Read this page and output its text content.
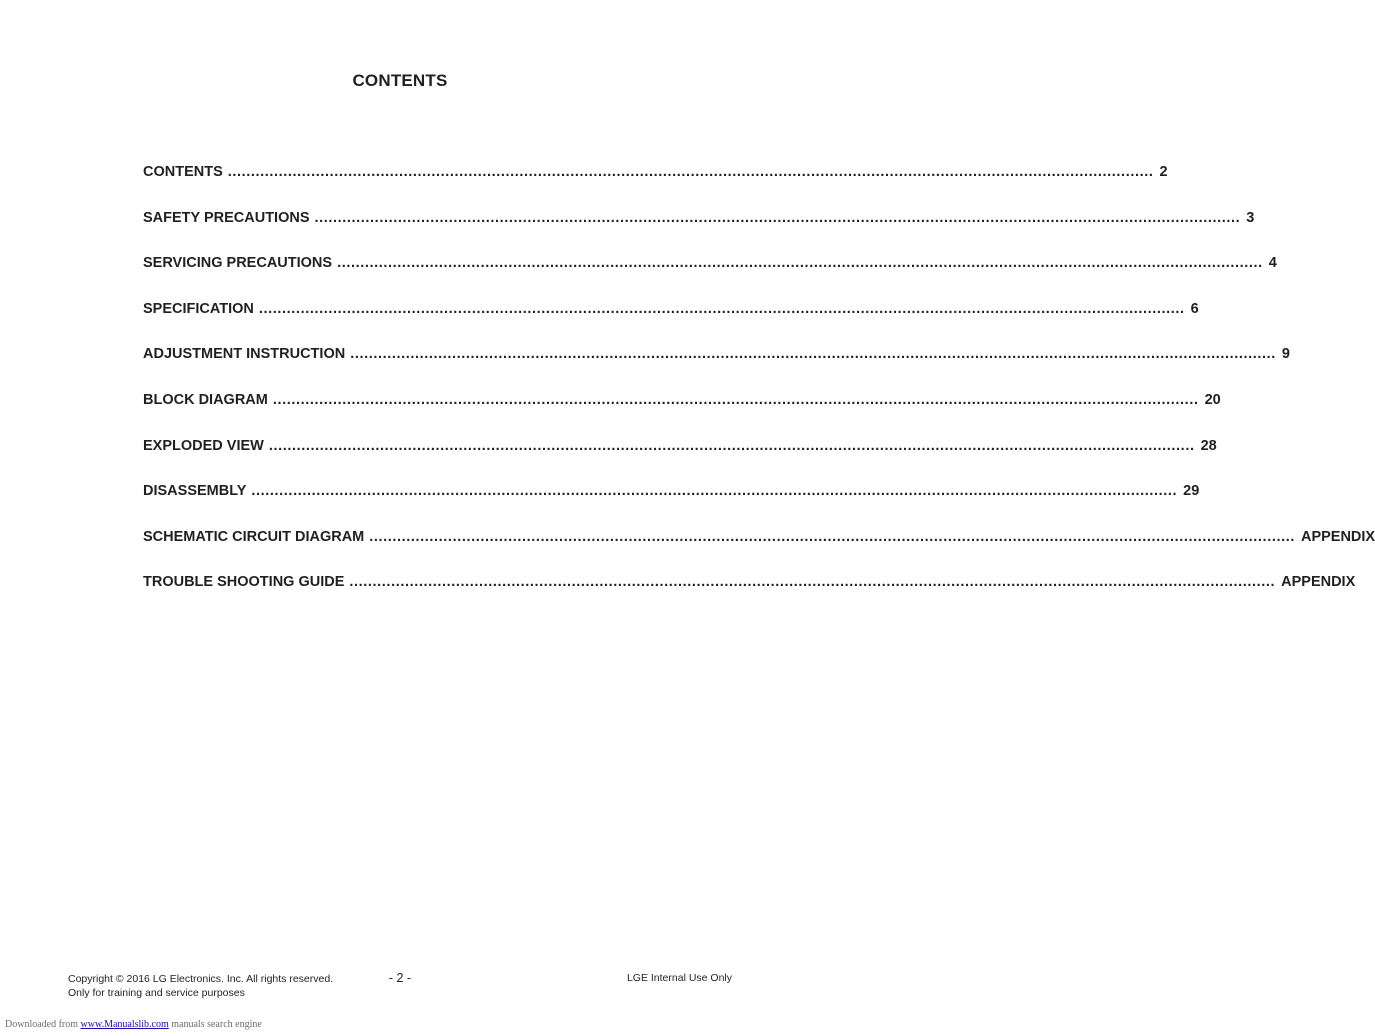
CONTENTS
CONTENTS ........................................................................................................................................................................................................ 2
SAFETY PRECAUTIONS ........................................................................................................................................................................................................ 3
SERVICING PRECAUTIONS ........................................................................................................................................................................................................ 4
SPECIFICATION ........................................................................................................................................................................................................ 6
ADJUSTMENT INSTRUCTION ........................................................................................................................................................................................................ 9
BLOCK DIAGRAM ........................................................................................................................................................................................................ 20
EXPLODED VIEW ........................................................................................................................................................................................................ 28
DISASSEMBLY ........................................................................................................................................................................................................ 29
SCHEMATIC CIRCUIT DIAGRAM ........................................................................................................................................................................................................ APPENDIX
TROUBLE SHOOTING GUIDE ........................................................................................................................................................................................................ APPENDIX
Copyright © 2016 LG Electronics. Inc. All rights reserved.
Only for training and service purposes
- 2 -	LGE Internal Use Only
Downloaded from www.Manualslib.com manuals search engine
